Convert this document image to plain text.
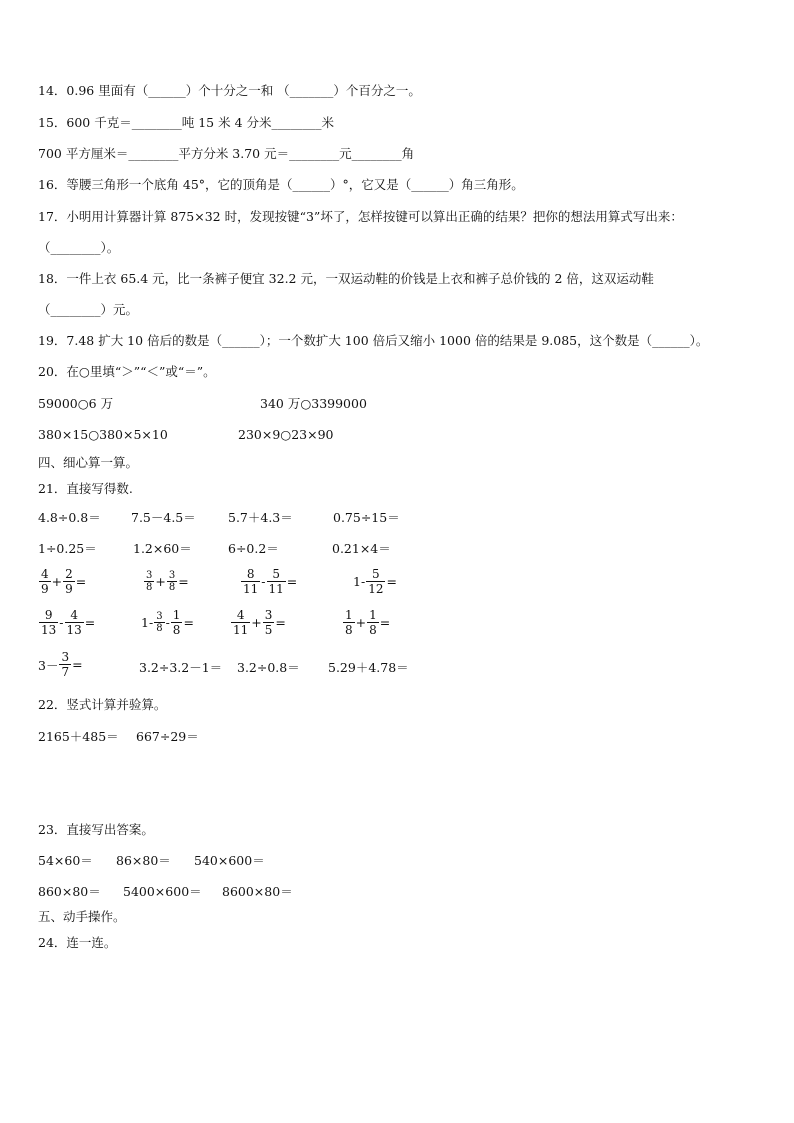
14．0.96 里面有（______）个十分之一和 （_______）个百分之一。
15．600 千克＝________吨 15 米 4 分米________米
700 平方厘米＝________平方分米 3.70 元＝________元________角
16．等腰三角形一个底角 45°，它的顶角是（______）°，它又是（______）角三角形。
17．小明用计算器计算 875×32 时，发现按键“3”坏了，怎样按键可以算出正确的结果？把你的想法用算式写出来：
（________）。
18．一件上衣 65.4 元，比一条裤子便宜 32.2 元，一双运动鞋的价钱是上衣和裤子总价钱的 2 倍，这双运动鞋
（________）元。
19．7.48 扩大 10 倍后的数是（______）；一个数扩大 100 倍后又缩小 1000 倍的结果是 9.085，这个数是（______）。
20．在○里填“＞”“＜”或“＝”。
59000○6 万	340 万○3399000
380×15○380×5×10	230×9○23×90
四、细心算一算。
21．直接写得数.
4.8÷0.8＝ 7.5－4.5＝	5.7＋4.3＝	0.75÷15＝
1÷0.25＝	1.2×60＝	6÷0.2＝	0.21×4＝
$\frac{4}{9} + \frac{2}{9}$ =	$\frac{3}{8} + \frac{3}{8}$ =	$\frac{8}{11} - \frac{5}{11}$ =	$1- \frac{5}{12}$ =
$\frac{9}{13} - \frac{4}{13}$ =	$1- \frac{3}{8} - \frac{1}{8}$ =	$\frac{4}{11} + \frac{3}{5}$ =	$\frac{1}{8} + \frac{1}{8}$ =
$3- \frac{3}{7}$ =	3.2÷3.2－1＝ 3.2÷0.8＝ 5.29＋4.78＝
22．竖式计算并验算。
2165＋485＝ 667÷29＝
23．直接写出答案。
54×60＝ 86×80＝ 540×600＝
860×80＝ 5400×600＝ 8600×80＝
五、动手操作。
24．连一连。
